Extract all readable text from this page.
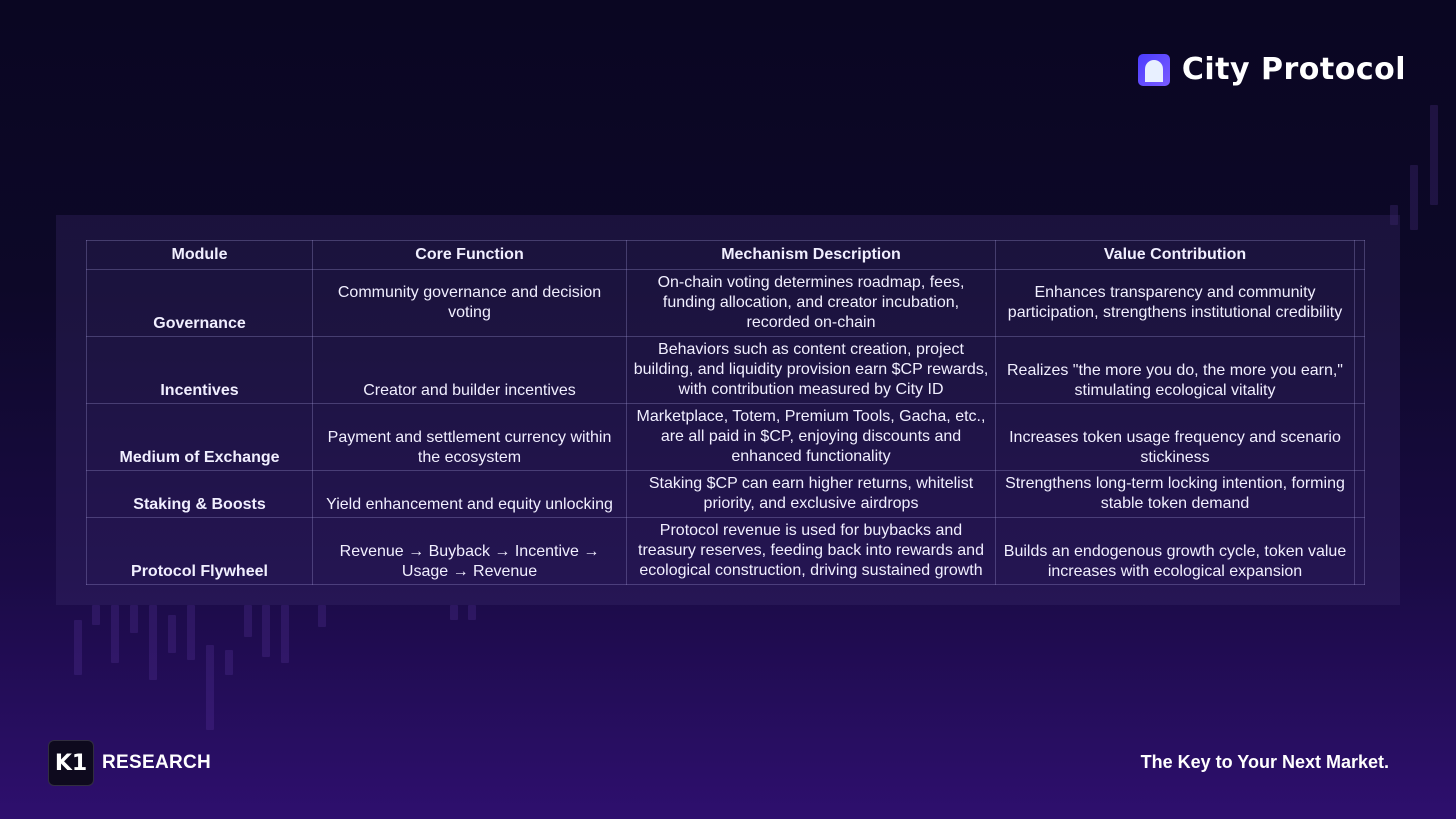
City Protocol
Module	Core Function	Mechanism Description	Value Contribution	
Governance	Community governance and decision voting	On-chain voting determines roadmap, fees, funding allocation, and creator incubation, recorded on-chain	Enhances transparency and community participation, strengthens institutional credibility	
Incentives	Creator and builder incentives	Behaviors such as content creation, project building, and liquidity provision earn $CP rewards, with contribution measured by City ID	Realizes "the more you do, the more you earn," stimulating ecological vitality	
Medium of Exchange	Payment and settlement currency within the ecosystem	Marketplace, Totem, Premium Tools, Gacha, etc., are all paid in $CP, enjoying discounts and enhanced functionality	Increases token usage frequency and scenario stickiness	
Staking & Boosts	Yield enhancement and equity unlocking	Staking $CP can earn higher returns, whitelist priority, and exclusive airdrops	Strengthens long-term locking intention, forming stable token demand	
Protocol Flywheel	Revenue → Buyback → Incentive → Usage → Revenue	Protocol revenue is used for buybacks and treasury reserves, feeding back into rewards and ecological construction, driving sustained growth	Builds an endogenous growth cycle, token value increases with ecological expansion	
K1 RESEARCH	The Key to Your Next Market.
